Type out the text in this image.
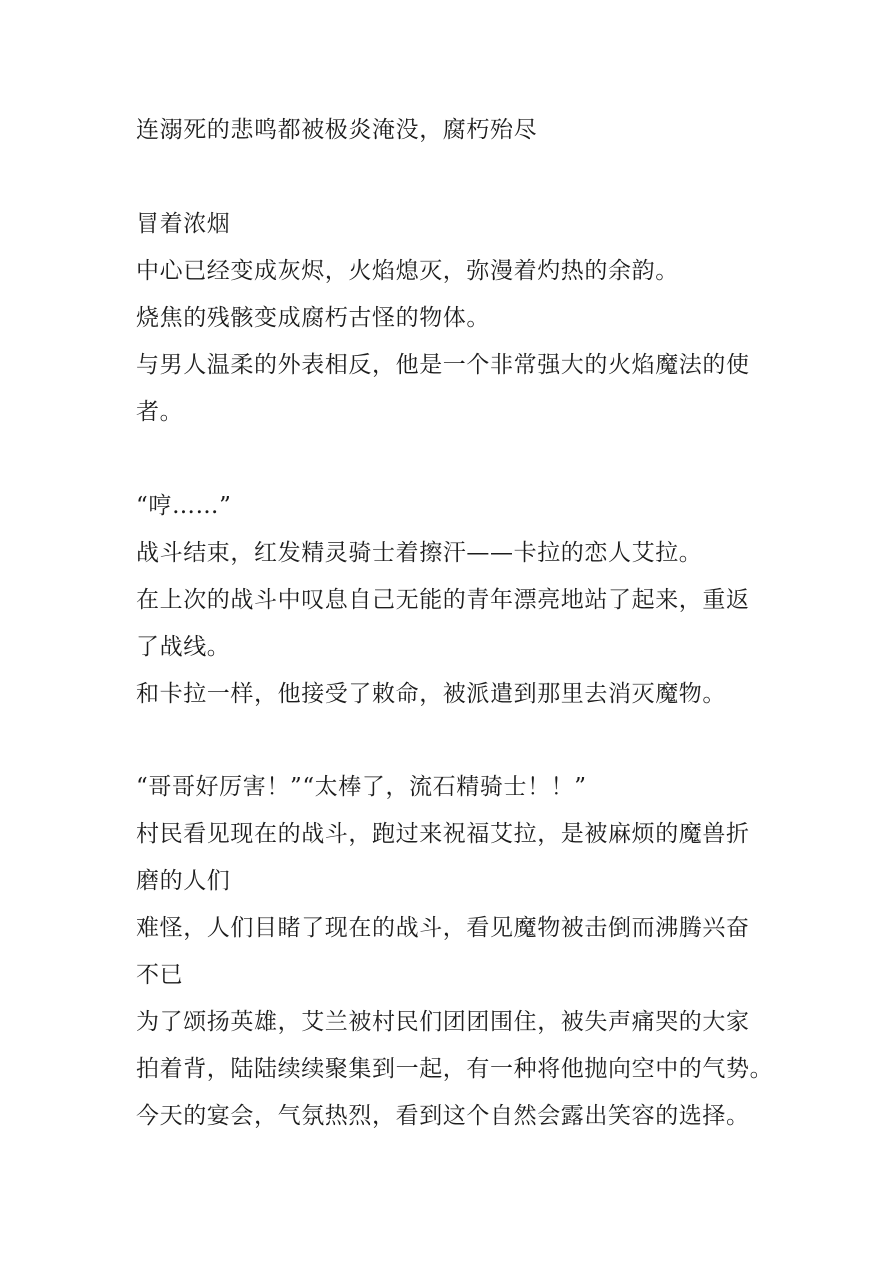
连溺死的悲鸣都被极炎淹没，腐朽殆尽

冒着浓烟

中心已经变成灰烬，火焰熄灭，弥漫着灼热的余韵。

烧焦的残骸变成腐朽古怪的物体。

与男人温柔的外表相反，他是一个非常强大的火焰魔法的使

者。

“哼……”

战斗结束，红发精灵骑士着擦汗——卡拉的恋人艾拉。

在上次的战斗中叹息自己无能的青年漂亮地站了起来，重返

了战线。

和卡拉一样，他接受了敕命，被派遣到那里去消灭魔物。

“哥哥好厉害！”“太棒了，流石精骑士！！”

村民看见现在的战斗，跑过来祝福艾拉，是被麻烦的魔兽折

磨的人们

难怪，人们目睹了现在的战斗，看见魔物被击倒而沸腾兴奋

不已

为了颂扬英雄，艾兰被村民们团团围住，被失声痛哭的大家

拍着背，陆陆续续聚集到一起，有一种将他抛向空中的气势。

今天的宴会，气氛热烈，看到这个自然会露出笑容的选择。
